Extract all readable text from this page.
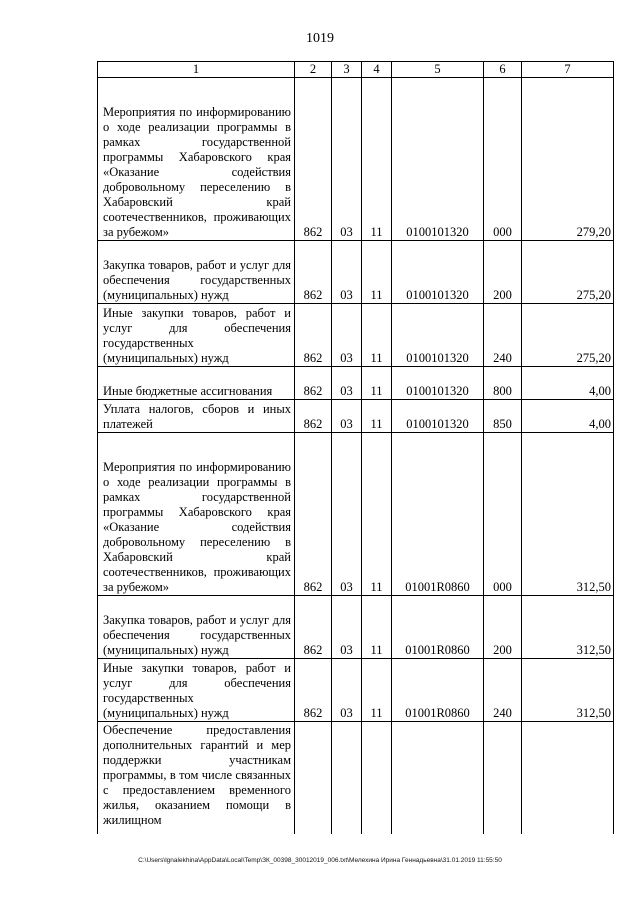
1019
1	2	3	4	5	6	7
Мероприятия по информированию о ходе реализации программы в рамках государственной программы Хабаровского края «Оказание содействия добровольному переселению в Хабаровский край соотечественников, проживающих за рубежом»	862	03	11	0100101320	000	279,20
Закупка товаров, работ и услуг для обеспечения государственных (муниципальных) нужд	862	03	11	0100101320	200	275,20
Иные закупки товаров, работ и услуг для обеспечения государственных (муниципальных) нужд	862	03	11	0100101320	240	275,20
Иные бюджетные ассигнования	862	03	11	0100101320	800	4,00
Уплата налогов, сборов и иных платежей	862	03	11	0100101320	850	4,00
Мероприятия по информированию о ходе реализации программы в рамках государственной программы Хабаровского края «Оказание содействия добровольному переселению в Хабаровский край соотечественников, проживающих за рубежом»	862	03	11	01001R0860	000	312,50
Закупка товаров, работ и услуг для обеспечения государственных (муниципальных) нужд	862	03	11	01001R0860	200	312,50
Иные закупки товаров, работ и услуг для обеспечения государственных (муниципальных) нужд	862	03	11	01001R0860	240	312,50
Обеспечение предоставления дополнительных гарантий и мер поддержки участникам программы, в том числе связанных с предоставлением временного жилья, оказанием помощи в жилищном						
C:\Users\lgnalekhina\AppData\Local\Temp\ЗК_00398_30012019_006.txt\Мелехина Ирина Геннадьевна\31.01.2019 11:55:50
